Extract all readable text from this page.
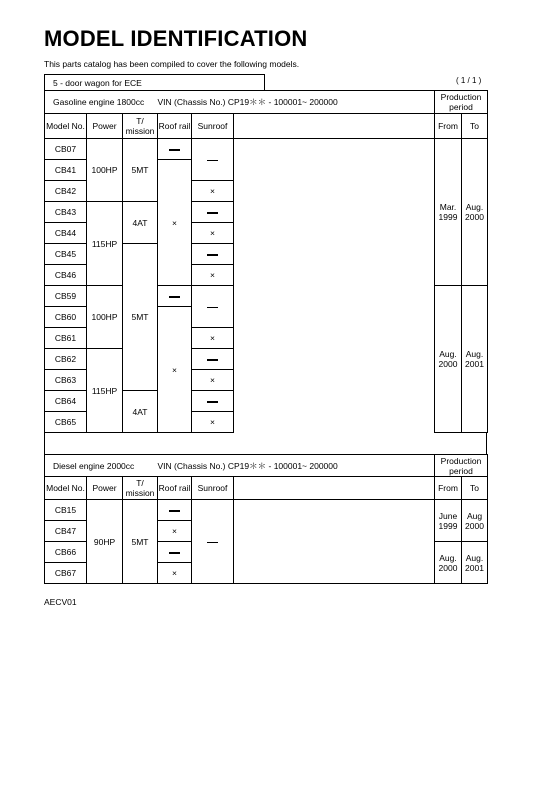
MODEL IDENTIFICATION
This parts catalog has been compiled to cover the following models.
5 - door wagon for ECE	( 1 / 1 )
Gasoline engine 1800cc			VIN (Chassis No.) CP19＊＊ - 100001~ 200000			Production period	
Model No.	Power	T/ mission	Roof rail	Sunroof		From	To
CB07	100HP	5MT				Mar. 1999	Aug. 2000
CB41			×				
CB42				×			
CB43	115HP	4AT					
CB44				×			
CB45		5MT					
CB46				×			
CB59	100HP					Aug. 2000	Aug. 2001
CB60			×				
CB61				×			
CB62	115HP						
CB63				×			
CB64		4AT					
CB65				×			
Diesel engine 2000cc			VIN (Chassis No.) CP19＊＊ - 100001~ 200000			Production period	
Model No.	Power	T/ mission	Roof rail	Sunroof		From	To
CB15	90HP	5MT				June 1999	Aug 2000
CB47			×				
CB66						Aug. 2000	Aug. 2001
CB67			×				
AECV01
